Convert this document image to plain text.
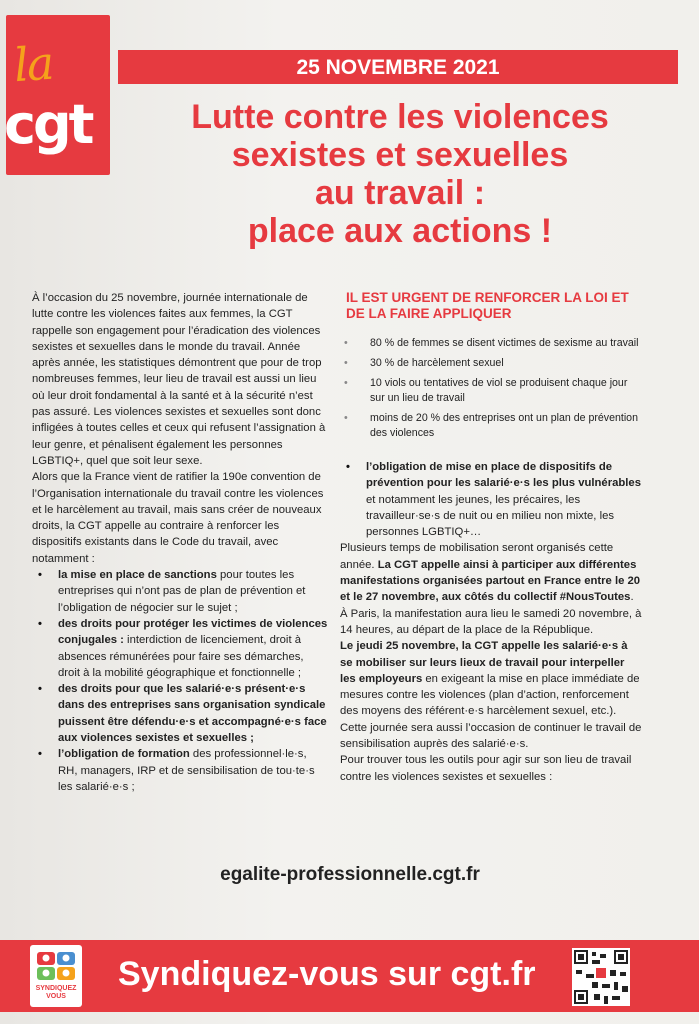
la
cgt
25 NOVEMBRE 2021
Lutte contre les violences
sexistes et sexuelles
au travail :
place aux actions !

À l’occasion du 25 novembre, journée internationale de lutte contre les violences faites aux femmes, la CGT rappelle son engagement pour l’éradication des violences sexistes et sexuelles dans le monde du travail. Année après année, les statistiques démontrent que pour de trop nombreuses femmes, leur lieu de travail est aussi un lieu où leur droit fondamental à la santé et à la sécurité n’est pas assuré. Les violences sexistes et sexuelles sont donc infligées à toutes celles et ceux qui refusent l’assignation à leur genre, et pénalisent également les personnes LGBTIQ+, quel que soit leur sexe.

Alors que la France vient de ratifier la 190e convention de l’Organisation internationale du travail contre les violences et le harcèlement au travail, mais sans créer de nouveaux droits, la CGT appelle au contraire à renforcer les dispositifs existants dans le Code du travail, avec notamment :

• la mise en place de sanctions pour toutes les entreprises qui n’ont pas de plan de prévention et l’obligation de négocier sur le sujet ;
• des droits pour protéger les victimes de violences conjugales : interdiction de licenciement, droit à absences rémunérées pour faire ses démarches, droit à la mobilité géographique et fonctionnelle ;
• des droits pour que les salarié·e·s présent·e·s dans des entreprises sans organisation syndicale puissent être défendu·e·s et accompagné·e·s face aux violences sexistes et sexuelles ;
• l’obligation de formation des professionnel·le·s, RH, managers, IRP et de sensibilisation de tou·te·s les salarié·e·s ;
IL EST URGENT DE RENFORCER LA LOI ET DE LA FAIRE APPLIQUER
• 80 % de femmes se disent victimes de sexisme au travail
• 30 % de harcèlement sexuel
• 10 viols ou tentatives de viol se produisent chaque jour sur un lieu de travail
• moins de 20 % des entreprises ont un plan de prévention des violences
• l’obligation de mise en place de dispositifs de prévention pour les salarié·e·s les plus vulnérables et notamment les jeunes, les précaires, les travailleur·se·s de nuit ou en milieu non mixte, les personnes LGBTIQ+…

Plusieurs temps de mobilisation seront organisés cette année. La CGT appelle ainsi à participer aux différentes manifestations organisées partout en France entre le 20 et le 27 novembre, aux côtés du collectif #NousToutes. À Paris, la manifestation aura lieu le samedi 20 novembre, à 14 heures, au départ de la place de la République.

Le jeudi 25 novembre, la CGT appelle les salarié·e·s à se mobiliser sur leurs lieux de travail pour interpeller les employeurs en exigeant la mise en place immédiate de mesures contre les violences (plan d’action, renforcement des moyens des référent·e·s harcèlement sexuel, etc.). Cette journée sera aussi l’occasion de continuer le travail de sensibilisation auprès des salarié·e·s.

Pour trouver tous les outils pour agir sur son lieu de travail contre les violences sexistes et sexuelles :

egalite-professionnelle.cgt.fr
SYNDIQUEZ VOUS
Syndiquez-vous sur cgt.fr
